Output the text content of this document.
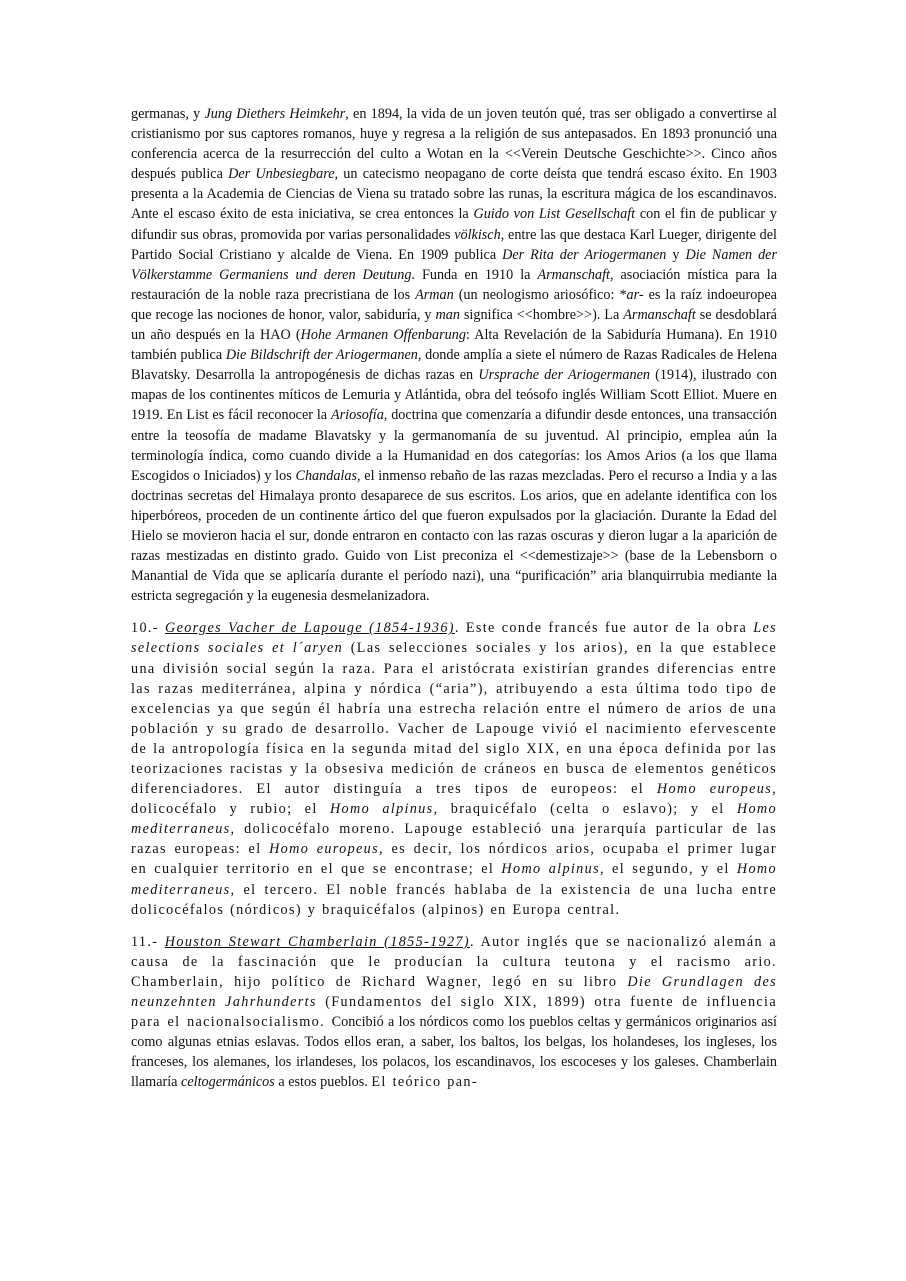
germanas, y Jung Diethers Heimkehr, en 1894, la vida de un joven teutón qué, tras ser obligado a convertirse al cristianismo por sus captores romanos, huye y regresa a la religión de sus antepasados. En 1893 pronunció una conferencia acerca de la resurrección del culto a Wotan en la <<Verein Deutsche Geschichte>>. Cinco años después publica Der Unbesiegbare, un catecismo neopagano de corte deísta que tendrá escaso éxito. En 1903 presenta a la Academia de Ciencias de Viena su tratado sobre las runas, la escritura mágica de los escandinavos. Ante el escaso éxito de esta iniciativa, se crea entonces la Guido von List Gesellschaft con el fin de publicar y difundir sus obras, promovida por varias personalidades völkisch, entre las que destaca Karl Lueger, dirigente del Partido Social Cristiano y alcalde de Viena. En 1909 publica Der Rita der Ariogermanen y Die Namen der Völkerstamme Germaniens und deren Deutung. Funda en 1910 la Armanschaft, asociación mística para la restauración de la noble raza precristiana de los Arman (un neologismo ariosófico: *ar- es la raíz indoeuropea que recoge las nociones de honor, valor, sabiduría, y man significa <<hombre>>). La Armanschaft se desdoblará un año después en la HAO (Hohe Armanen Offenbarung: Alta Revelación de la Sabiduría Humana). En 1910 también publica Die Bildschrift der Ariogermanen, donde amplía a siete el número de Razas Radicales de Helena Blavatsky. Desarrolla la antropogénesis de dichas razas en Ursprache der Ariogermanen (1914), ilustrado con mapas de los continentes míticos de Lemuria y Atlántida, obra del teósofo inglés William Scott Elliot. Muere en 1919. En List es fácil reconocer la Ariosofía, doctrina que comenzaría a difundir desde entonces, una transacción entre la teosofía de madame Blavatsky y la germanomanía de su juventud. Al principio, emplea aún la terminología índica, como cuando divide a la Humanidad en dos categorías: los Amos Arios (a los que llama Escogidos o Iniciados) y los Chandalas, el inmenso rebaño de las razas mezcladas. Pero el recurso a India y a las doctrinas secretas del Himalaya pronto desaparece de sus escritos. Los arios, que en adelante identifica con los hiperbóreos, proceden de un continente ártico del que fueron expulsados por la glaciación. Durante la Edad del Hielo se movieron hacia el sur, donde entraron en contacto con las razas oscuras y dieron lugar a la aparición de razas mestizadas en distinto grado. Guido von List preconiza el <<demestizaje>> (base de la Lebensborn o Manantial de Vida que se aplicaría durante el período nazi), una “purificación” aria blanquirrubia mediante la estricta segregación y la eugenesia desmelanizadora.

10.- Georges Vacher de Lapouge (1854-1936). Este conde francés fue autor de la obra Les selections sociales et l´aryen (Las selecciones sociales y los arios), en la que establece una división social según la raza. Para el aristócrata existirían grandes diferencias entre las razas mediterránea, alpina y nórdica (“aria”), atribuyendo a esta última todo tipo de excelencias ya que según él habría una estrecha relación entre el número de arios de una población y su grado de desarrollo. Vacher de Lapouge vivió el nacimiento efervescente de la antropología física en la segunda mitad del siglo XIX, en una época definida por las teorizaciones racistas y la obsesiva medición de cráneos en busca de elementos genéticos diferenciadores. El autor distinguía a tres tipos de europeos: el Homo europeus, dolicocéfalo y rubio; el Homo alpinus, braquicéfalo (celta o eslavo); y el Homo mediterraneus, dolicocéfalo moreno. Lapouge estableció una jerarquía particular de las razas europeas: el Homo europeus, es decir, los nórdicos arios, ocupaba el primer lugar en cualquier territorio en el que se encontrase; el Homo alpinus, el segundo, y el Homo mediterraneus, el tercero. El noble francés hablaba de la existencia de una lucha entre dolicocéfalos (nórdicos) y braquicéfalos (alpinos) en Europa central.

11.- Houston Stewart Chamberlain (1855-1927). Autor inglés que se nacionalizó alemán a causa de la fascinación que le producían la cultura teutona y el racismo ario. Chamberlain, hijo político de Richard Wagner, legó en su libro Die Grundlagen des neunzehnten Jahrhunderts (Fundamentos del siglo XIX, 1899) otra fuente de influencia para el nacionalsocialismo. Concibió a los nórdicos como los pueblos celtas y germánicos originarios así como algunas etnias eslavas. Todos ellos eran, a saber, los baltos, los belgas, los holandeses, los ingleses, los franceses, los alemanes, los irlandeses, los polacos, los escandinavos, los escoceses y los galeses. Chamberlain llamaría celtogermánicos a estos pueblos. El teórico pan-
